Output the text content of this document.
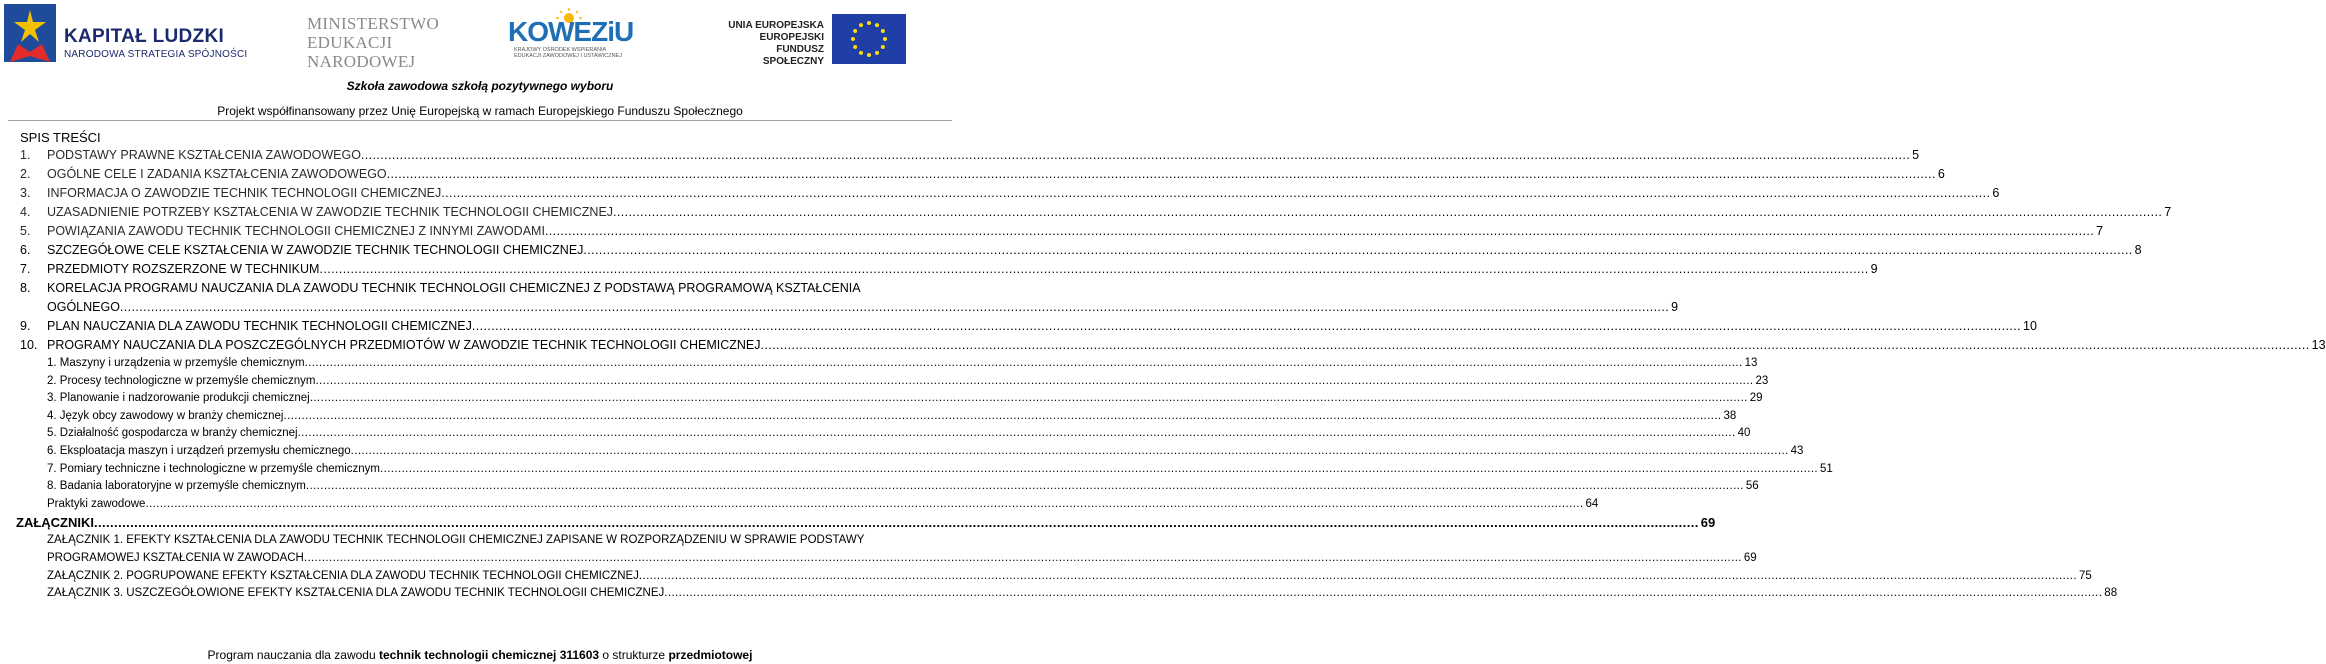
KAPITAŁ LUDZKI
NARODOWA STRATEGIA SPÓJNOŚCI
MINISTERSTWO
EDUKACJI
NARODOWEJ
KOWEZiU
KRAJOWY OŚRODEK WSPIERANIA EDUKACJI ZAWODOWEJ I USTAWICZNEJ
UNIA EUROPEJSKA
EUROPEJSKI
FUNDUSZ SPOŁECZNY
Szkoła zawodowa szkołą pozytywnego wyboru
Projekt współfinansowany przez Unię Europejską w ramach Europejskiego Funduszu Społecznego
SPIS TREŚCI
1. PODSTAWY PRAWNE KSZTAŁCENIA ZAWODOWEGO ................................................................................................................................................................................................................................................................................................................................................................................................................ 5
2. OGÓLNE CELE I ZADANIA KSZTAŁCENIA ZAWODOWEGO ................................................................................................................................................................................................................................................................................................................................................................................................................ 6
3. INFORMACJA O ZAWODZIE TECHNIK TECHNOLOGII CHEMICZNEJ ................................................................................................................................................................................................................................................................................................................................................................................................................ 6
4. UZASADNIENIE POTRZEBY KSZTAŁCENIA W ZAWODZIE TECHNIK TECHNOLOGII CHEMICZNEJ ................................................................................................................................................................................................................................................................................................................................................................................................................ 7
5. POWIĄZANIA ZAWODU TECHNIK TECHNOLOGII CHEMICZNEJ Z INNYMI ZAWODAMI ................................................................................................................................................................................................................................................................................................................................................................................................................ 7
6. SZCZEGÓŁOWE CELE KSZTAŁCENIA W ZAWODZIE TECHNIK TECHNOLOGII CHEMICZNEJ ................................................................................................................................................................................................................................................................................................................................................................................................................ 8
7. PRZEDMIOTY ROZSZERZONE W TECHNIKUM ................................................................................................................................................................................................................................................................................................................................................................................................................ 9
8. KORELACJA PROGRAMU NAUCZANIA DLA ZAWODU TECHNIK TECHNOLOGII CHEMICZNEJ Z PODSTAWĄ PROGRAMOWĄ KSZTAŁCENIA
OGÓLNEGO ................................................................................................................................................................................................................................................................................................................................................................................................................ 9
9. PLAN NAUCZANIA DLA ZAWODU TECHNIK TECHNOLOGII CHEMICZNEJ ................................................................................................................................................................................................................................................................................................................................................................................................................ 10
10. PROGRAMY NAUCZANIA DLA POSZCZEGÓLNYCH PRZEDMIOTÓW W ZAWODZIE TECHNIK TECHNOLOGII CHEMICZNEJ ................................................................................................................................................................................................................................................................................................................................................................................................................ 13
1. Maszyny i urządzenia w przemyśle chemicznym ................................................................................................................................................................................................................................................................................................................................................................................................................ 13
2. Procesy technologiczne w przemyśle chemicznym ................................................................................................................................................................................................................................................................................................................................................................................................................ 23
3. Planowanie i nadzorowanie produkcji chemicznej ................................................................................................................................................................................................................................................................................................................................................................................................................ 29
4. Język obcy zawodowy w branży chemicznej ................................................................................................................................................................................................................................................................................................................................................................................................................ 38
5. Działalność gospodarcza w branży chemicznej ................................................................................................................................................................................................................................................................................................................................................................................................................ 40
6. Eksploatacja maszyn i urządzeń przemysłu chemicznego ................................................................................................................................................................................................................................................................................................................................................................................................................ 43
7. Pomiary techniczne i technologiczne w przemyśle chemicznym ................................................................................................................................................................................................................................................................................................................................................................................................................ 51
8. Badania laboratoryjne w przemyśle chemicznym ................................................................................................................................................................................................................................................................................................................................................................................................................ 56
Praktyki zawodowe ................................................................................................................................................................................................................................................................................................................................................................................................................ 64
ZAŁĄCZNIKI ................................................................................................................................................................................................................................................................................................................................................................................................................ 69
ZAŁĄCZNIK 1. EFEKTY KSZTAŁCENIA DLA ZAWODU TECHNIK TECHNOLOGII CHEMICZNEJ ZAPISANE W ROZPORZĄDZENIU W SPRAWIE PODSTAWY
PROGRAMOWEJ KSZTAŁCENIA W ZAWODACH ................................................................................................................................................................................................................................................................................................................................................................................................................ 69
ZAŁĄCZNIK 2. POGRUPOWANE EFEKTY KSZTAŁCENIA DLA ZAWODU TECHNIK TECHNOLOGII CHEMICZNEJ ................................................................................................................................................................................................................................................................................................................................................................................................................ 75
ZAŁĄCZNIK 3. USZCZEGÓŁOWIONE EFEKTY KSZTAŁCENIA DLA ZAWODU TECHNIK TECHNOLOGII CHEMICZNEJ ................................................................................................................................................................................................................................................................................................................................................................................................................ 88
Program nauczania dla zawodu technik technologii chemicznej 311603 o strukturze przedmiotowej
